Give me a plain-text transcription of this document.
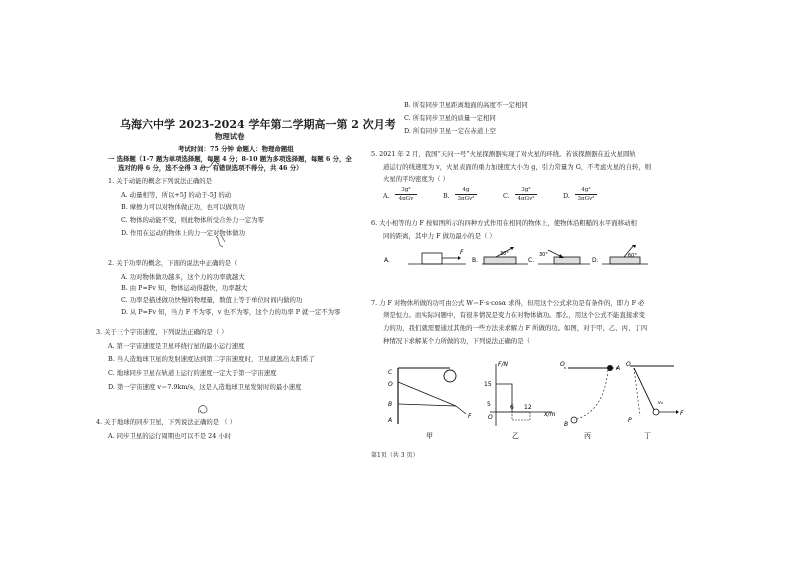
乌海六中学 2023-2024 学年第二学期高一第 2 次月考
物理试卷
考试时间：75 分钟 命题人：物理命题组
一 选择题（1-7 题为单项选择题，每题 4 分；8-10 题为多项选择题，每题 6 分，全
选对的得 6 分，选不全得 3 分，有错误选项不得分，共 46 分）
1. 关于动能的概念下列说法正确的是
A. 动量相等，所以+5J 的动于-5J 的动
B. 摩擦力可以对物体做正功，也可以做负功
C. 物体的动能不变，则此物体所受合外力一定为零
D. 作用在运动的物体上的力一定对物体做功
2. 关于功率的概念，下面的说法中正确的是（
A. 功对物体做功越多，这个力的功率就越大
B. 由 P=Fv 知，物体运动得越快，功率越大
C. 功率是描述做功快慢的物理量，数值上等于单位时间内做的功
D. 从 P=Fv 知，当力 F 不为零，v 也不为零，这个力的功率 P 就一定不为零
3. 关于三个宇宙速度，下列说法正确的是（ ）
A. 第一宇宙速度是卫星环绕行星的最小运行速度
B. 当人造地球卫星的发射速度达到第二宇宙速度时，卫星就逃出太阳系了
C. 地球同步卫星在轨道上运行的速度一定大于第一宇宙速度
D. 第一宇宙速度 v＝7.9km/s，这是人造地球卫星发射时的最小速度
4. 关于地球的同步卫星，下列说法正确的是 （ ）
A. 同步卫星的运行周期也可以不是 24 小时
B. 所有同步卫星距离地面的高度不一定相同
C. 所有同步卫星的质量一定相同
D. 所有同步卫星一定在赤道上空
5. 2021 年 2 月，我国“天问一号”火星探测器实现了对火星的环绕。若该探测器在近火星圆轨
道运行的线速度为 v，火星表面的重力加速度大小为 g，引力常量为 G，不考虑火星的自转，则
火星的平均密度为（ ）
A.
3g²
4πGv	B.
4g
3πGv²	C.
3g²
4πGv²	D.
4g²
3πGv²
6. 大小相等的力 F 按如图所示的四种方式作用在相同的物体上，使物体沿粗糙的水平面移动相
同的距离，其中力 F 做功最小的是（ ）
A.
F
B.
30°
C.
30°
D.
60°
7. 力 F 对物体所做的功可由公式 W＝F·s·cosα 求得，但用这个公式求功是有条件的，即力 F 必
须是恒力。而实际问题中，有很多情况是变力在对物体做功。那么，用这个公式不能直接求变
力的功，我们就需要通过其他的一些方法来求解力 F 所做的功。如图，对于甲、乙、丙、丁四
种情况下求解某个力所做的功，下列说法正确的是（
C
O
B
A
F
甲
F/N
x/m
15
5	6 12
O
乙
O
A
B
丙
O
P
F
v₀
丁
第1页（共 3 页）
